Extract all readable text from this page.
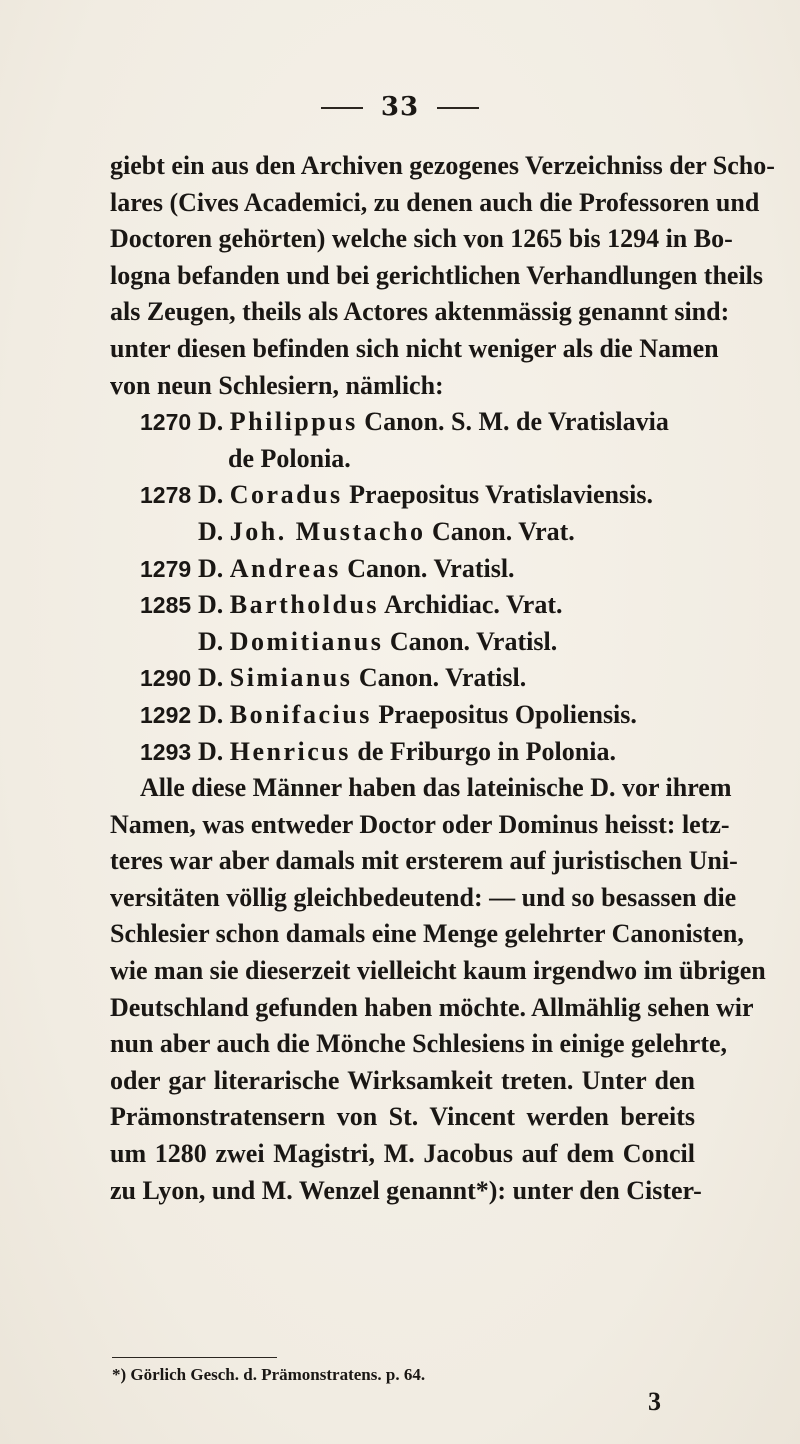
33
giebt ein aus den Archiven gezogenes Verzeichniss der Scho-
lares (Cives Academici, zu denen auch die Professoren und
Doctoren gehörten) welche sich von 1265 bis 1294 in Bo-
logna befanden und bei gerichtlichen Verhandlungen theils
als Zeugen, theils als Actores aktenmässig genannt sind:
unter diesen befinden sich nicht weniger als die Namen
von neun Schlesiern, nämlich:
1270 D. Philippus Canon. S. M. de Vratislavia
de Polonia.
1278 D. Coradus Praepositus Vratislaviensis.
D. Joh. Mustacho Canon. Vrat.
1279 D. Andreas Canon. Vratisl.
1285 D. Bartholdus Archidiac. Vrat.
D. Domitianus Canon. Vratisl.
1290 D. Simianus Canon. Vratisl.
1292 D. Bonifacius Praepositus Opoliensis.
1293 D. Henricus de Friburgo in Polonia.
Alle diese Männer haben das lateinische D. vor ihrem
Namen, was entweder Doctor oder Dominus heisst: letz-
teres war aber damals mit ersterem auf juristischen Uni-
versitäten völlig gleichbedeutend: — und so besassen die
Schlesier schon damals eine Menge gelehrter Canonisten,
wie man sie dieserzeit vielleicht kaum irgendwo im übrigen
Deutschland gefunden haben möchte. Allmählig sehen wir
nun aber auch die Mönche Schlesiens in einige gelehrte,
oder gar literarische Wirksamkeit treten. Unter den
Prämonstratensern von St. Vincent werden bereits
um 1280 zwei Magistri, M. Jacobus auf dem Concil
zu Lyon, und M. Wenzel genannt*): unter den Cister-
*) Görlich Gesch. d. Prämonstratens. p. 64.
3
